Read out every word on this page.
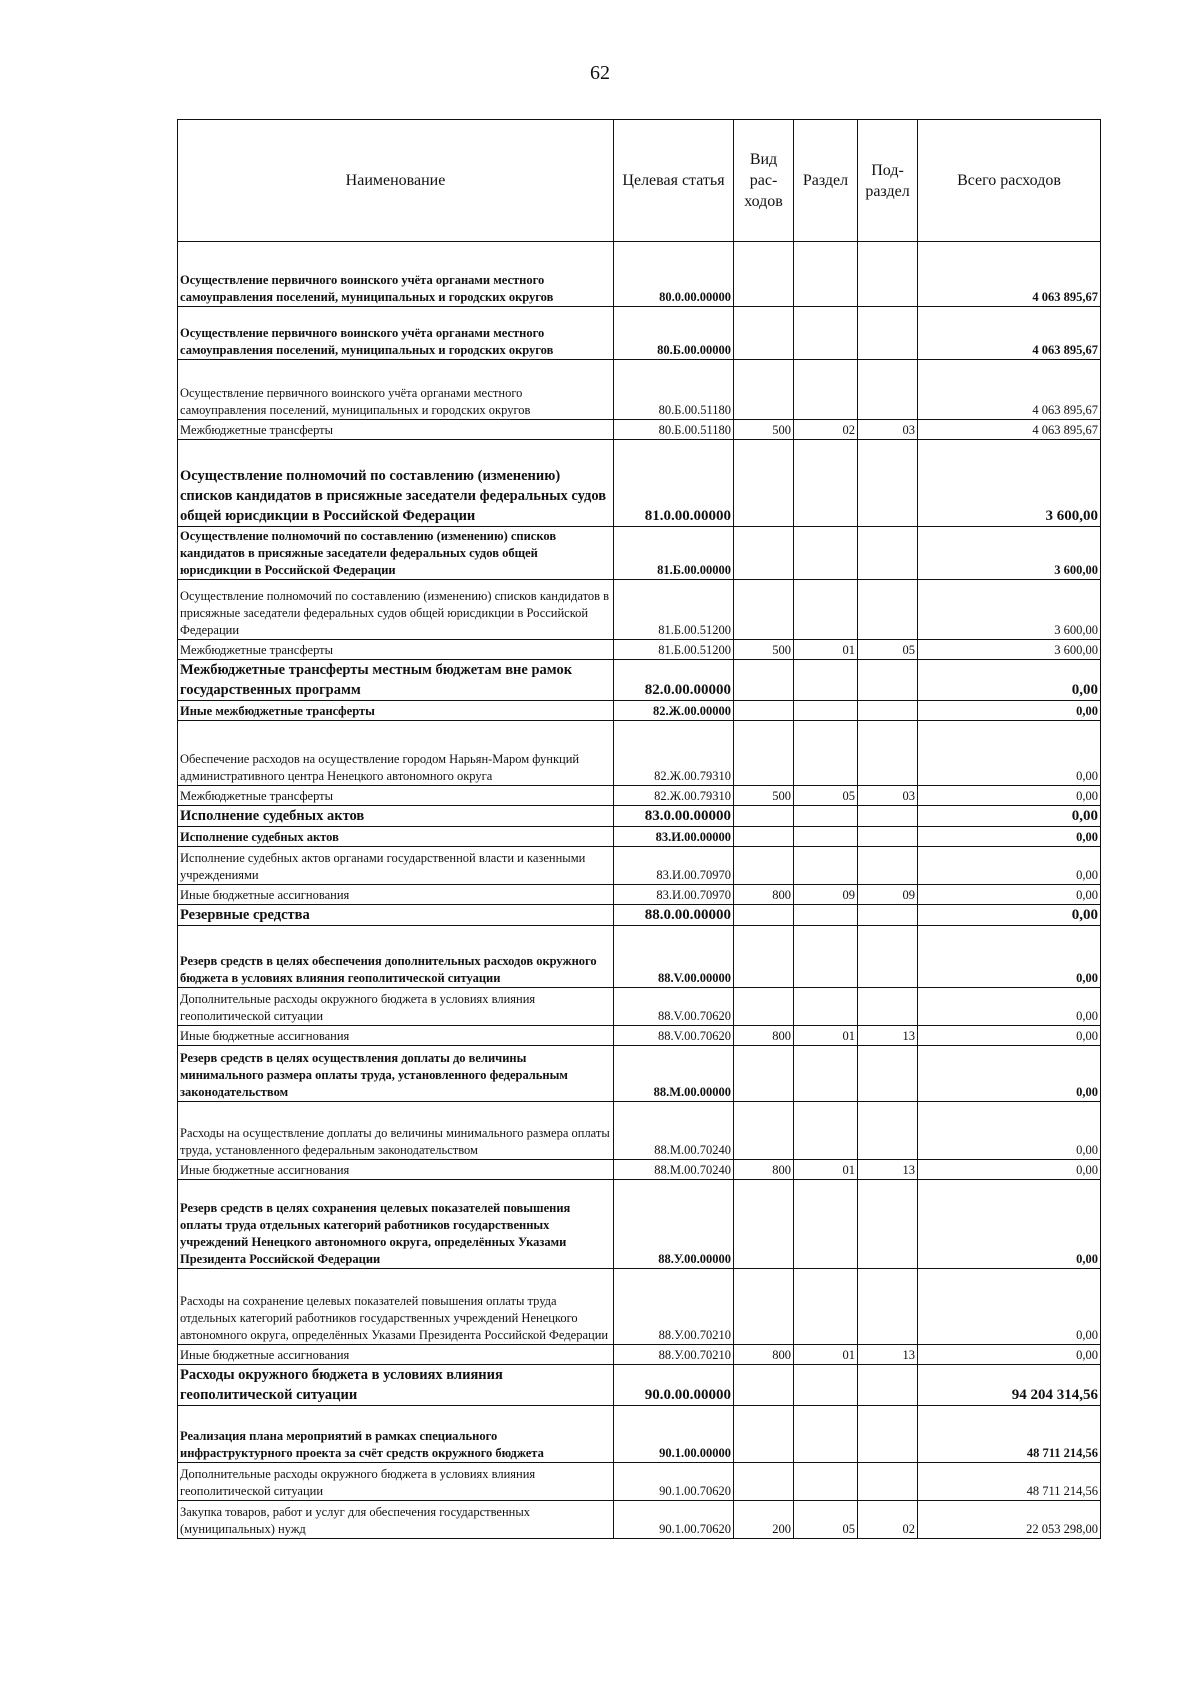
62
Наименование	Целевая статья	Вид рас- ходов	Раздел	Под- раздел	Всего расходов
Осуществление первичного воинского учёта органами местного самоуправления поселений, муниципальных и городских округов	80.0.00.00000				4 063 895,67
Осуществление первичного воинского учёта органами местного самоуправления поселений, муниципальных и городских округов	80.Б.00.00000				4 063 895,67
Осуществление первичного воинского учёта органами местного самоуправления поселений, муниципальных и городских округов	80.Б.00.51180				4 063 895,67
Межбюджетные трансферты	80.Б.00.51180	500	02	03	4 063 895,67
Осуществление полномочий по составлению (изменению) списков кандидатов в присяжные заседатели федеральных судов общей юрисдикции в Российской Федерации	81.0.00.00000				3 600,00
Осуществление полномочий по составлению (изменению) списков кандидатов в присяжные заседатели федеральных судов общей юрисдикции в Российской Федерации	81.Б.00.00000				3 600,00
Осуществление полномочий по составлению (изменению) списков кандидатов в присяжные заседатели федеральных судов общей юрисдикции в Российской Федерации	81.Б.00.51200				3 600,00
Межбюджетные трансферты	81.Б.00.51200	500	01	05	3 600,00
Межбюджетные трансферты местным бюджетам вне рамок государственных программ	82.0.00.00000				0,00
Иные межбюджетные трансферты	82.Ж.00.00000				0,00
Обеспечение расходов на осуществление городом Нарьян-Маром функций административного центра Ненецкого автономного округа	82.Ж.00.79310				0,00
Межбюджетные трансферты	82.Ж.00.79310	500	05	03	0,00
Исполнение судебных актов	83.0.00.00000				0,00
Исполнение судебных актов	83.И.00.00000				0,00
Исполнение судебных актов органами государственной власти и казенными учреждениями	83.И.00.70970				0,00
Иные бюджетные ассигнования	83.И.00.70970	800	09	09	0,00
Резервные средства	88.0.00.00000				0,00
Резерв средств в целях обеспечения дополнительных расходов окружного бюджета в условиях влияния геополитической ситуации	88.V.00.00000				0,00
Дополнительные расходы окружного бюджета в условиях влияния геополитической ситуации	88.V.00.70620				0,00
Иные бюджетные ассигнования	88.V.00.70620	800	01	13	0,00
Резерв средств в целях осуществления доплаты до величины минимального размера оплаты труда, установленного федеральным законодательством	88.М.00.00000				0,00
Расходы на осуществление доплаты до величины минимального размера оплаты труда, установленного федеральным законодательством	88.М.00.70240				0,00
Иные бюджетные ассигнования	88.М.00.70240	800	01	13	0,00
Резерв средств в целях сохранения целевых показателей повышения оплаты труда отдельных категорий работников государственных учреждений Ненецкого автономного округа, определённых Указами Президента Российской Федерации	88.У.00.00000				0,00
Расходы на сохранение целевых показателей повышения оплаты труда отдельных категорий работников государственных учреждений Ненецкого автономного округа, определённых Указами Президента Российской Федерации	88.У.00.70210				0,00
Иные бюджетные ассигнования	88.У.00.70210	800	01	13	0,00
Расходы окружного бюджета в условиях влияния геополитической ситуации	90.0.00.00000				94 204 314,56
Реализация плана мероприятий в рамках специального инфраструктурного проекта за счёт средств окружного бюджета	90.1.00.00000				48 711 214,56
Дополнительные расходы окружного бюджета в условиях влияния геополитической ситуации	90.1.00.70620				48 711 214,56
Закупка товаров, работ и услуг для обеспечения государственных (муниципальных) нужд	90.1.00.70620	200	05	02	22 053 298,00
